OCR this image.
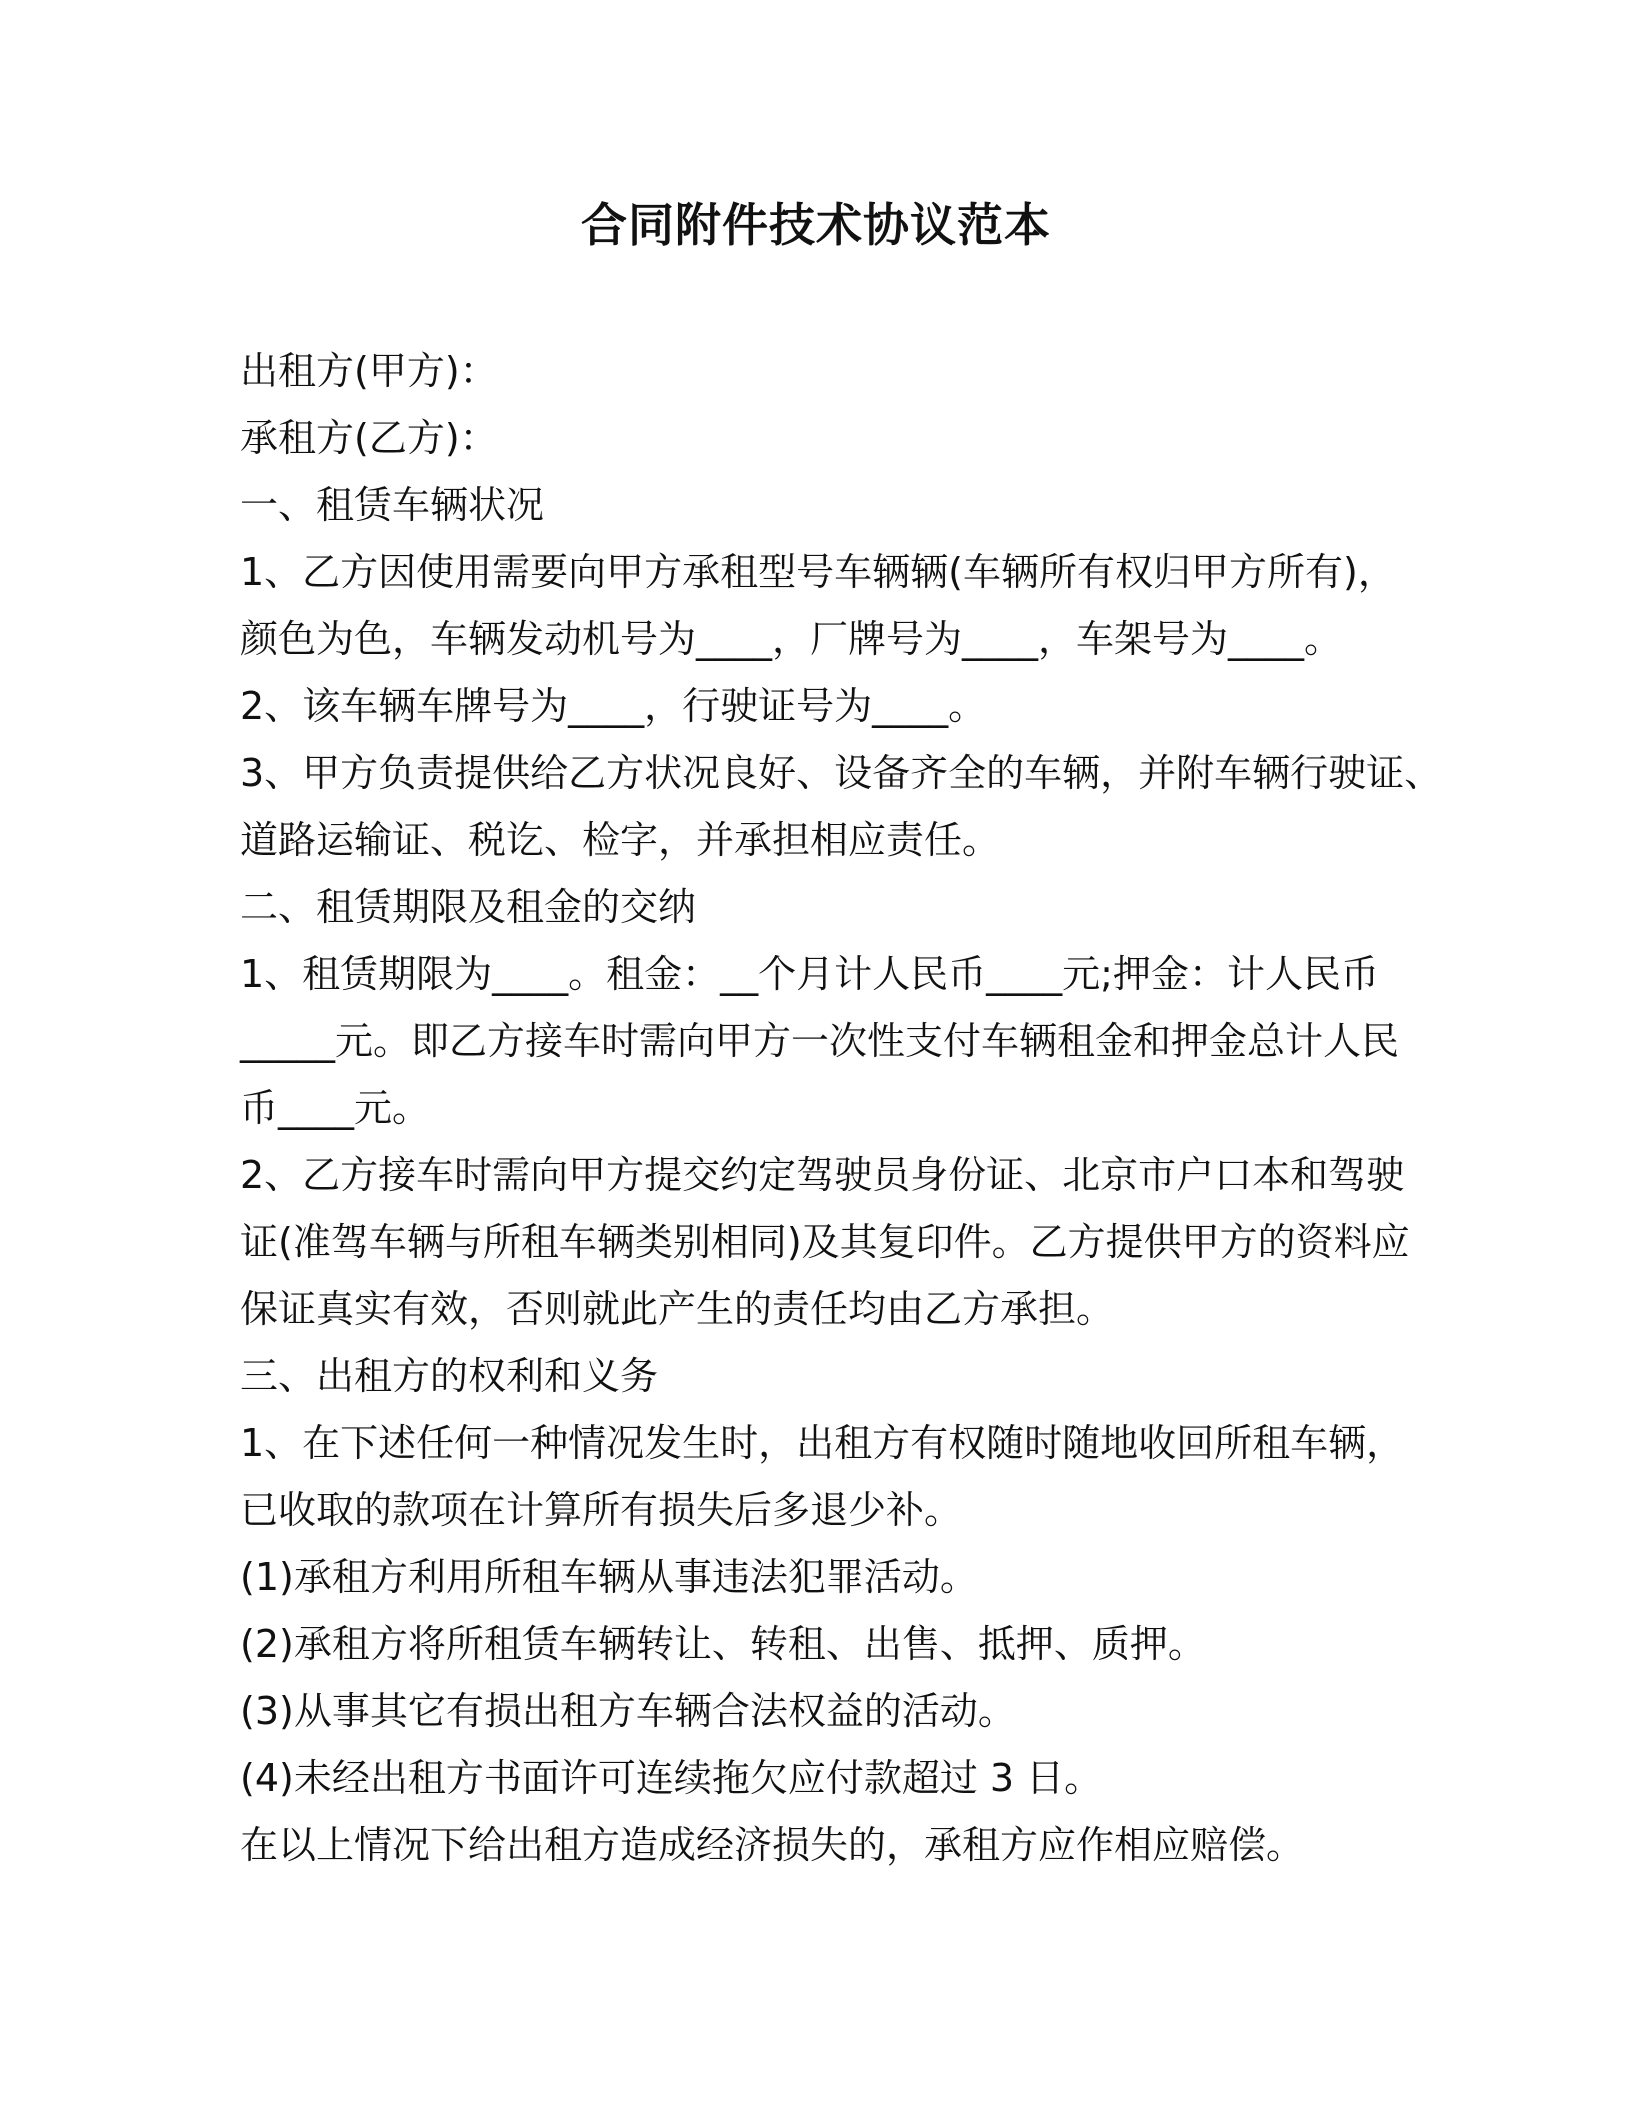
合同附件技术协议范本

出租方(甲方)：

承租方(乙方)：

一、租赁车辆状况

1、乙方因使用需要向甲方承租型号车辆辆(车辆所有权归甲方所有)，

颜色为色，车辆发动机号为____，厂牌号为____，车架号为____。

2、该车辆车牌号为____，行驶证号为____。

3、甲方负责提供给乙方状况良好、设备齐全的车辆，并附车辆行驶证、

道路运输证、税讫、检字，并承担相应责任。

二、租赁期限及租金的交纳

1、租赁期限为____。租金：__个月计人民币____元;押金：计人民币

_____元。即乙方接车时需向甲方一次性支付车辆租金和押金总计人民

币____元。

2、乙方接车时需向甲方提交约定驾驶员身份证、北京市户口本和驾驶

证(准驾车辆与所租车辆类别相同)及其复印件。乙方提供甲方的资料应

保证真实有效，否则就此产生的责任均由乙方承担。

三、出租方的权利和义务

1、在下述任何一种情况发生时，出租方有权随时随地收回所租车辆，

已收取的款项在计算所有损失后多退少补。

(1)承租方利用所租车辆从事违法犯罪活动。

(2)承租方将所租赁车辆转让、转租、出售、抵押、质押。

(3)从事其它有损出租方车辆合法权益的活动。

(4)未经出租方书面许可连续拖欠应付款超过 3 日。

在以上情况下给出租方造成经济损失的，承租方应作相应赔偿。
